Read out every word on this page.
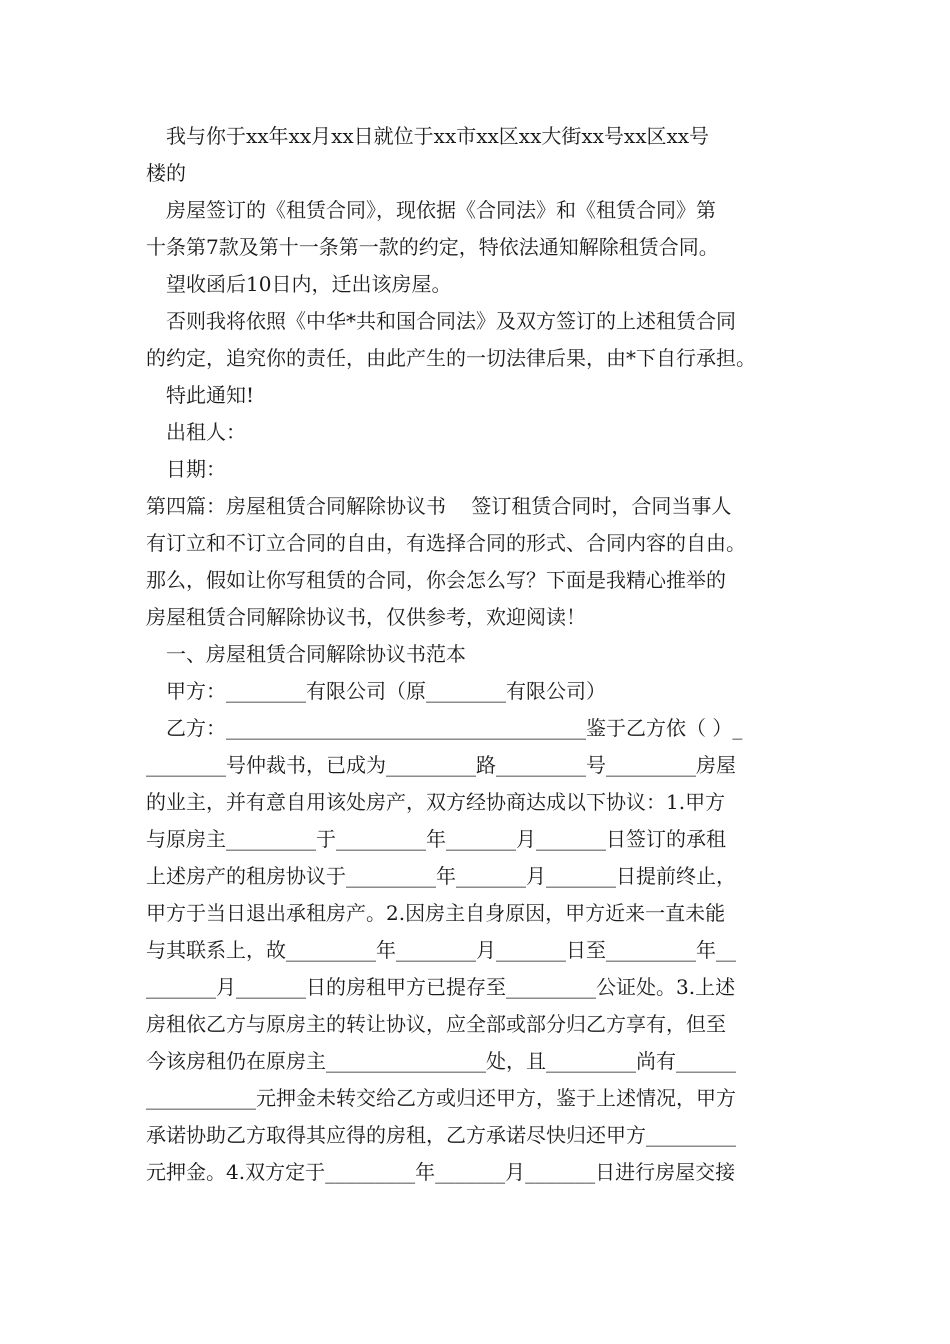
我与你于xx年xx月xx日就位于xx市xx区xx大街xx号xx区xx号
楼的
房屋签订的《租赁合同》，现依据《合同法》和《租赁合同》第
十条第7款及第十一条第一款的约定，特依法通知解除租赁合同。
望收函后10日内，迁出该房屋。
否则我将依照《中华*共和国合同法》及双方签订的上述租赁合同
的约定，追究你的责任，由此产生的一切法律后果，由*下自行承担。
特此通知!
出租人：
日期：
第四篇：房屋租赁合同解除协议书    签订租赁合同时，合同当事人
有订立和不订立合同的自由，有选择合同的形式、合同内容的自由。
那么，假如让你写租赁的合同，你会怎么写？下面是我精心推举的
房屋租赁合同解除协议书，仅供参考，欢迎阅读！
一、房屋租赁合同解除协议书范本
甲方：________有限公司（原________有限公司）
乙方：____________________________________鉴于乙方依（ ）_
________号仲裁书，已成为_________路_________号_________房屋
的业主，并有意自用该处房产，双方经协商达成以下协议：1.甲方
与原房主_________于_________年_______月_______日签订的承租
上述房产的租房协议于_________年_______月_______日提前终止，
甲方于当日退出承租房产。2.因房主自身原因，甲方近来一直未能
与其联系上，故_________年________月_______日至_________年__
_______月_______日的房租甲方已提存至_________公证处。3.上述
房租依乙方与原房主的转让协议，应全部或部分归乙方享有，但至
今该房租仍在原房主________________处，且_________尚有______
___________元押金未转交给乙方或归还甲方，鉴于上述情况，甲方
承诺协助乙方取得其应得的房租，乙方承诺尽快归还甲方_________
元押金。4.双方定于_________年_______月_______日进行房屋交接
